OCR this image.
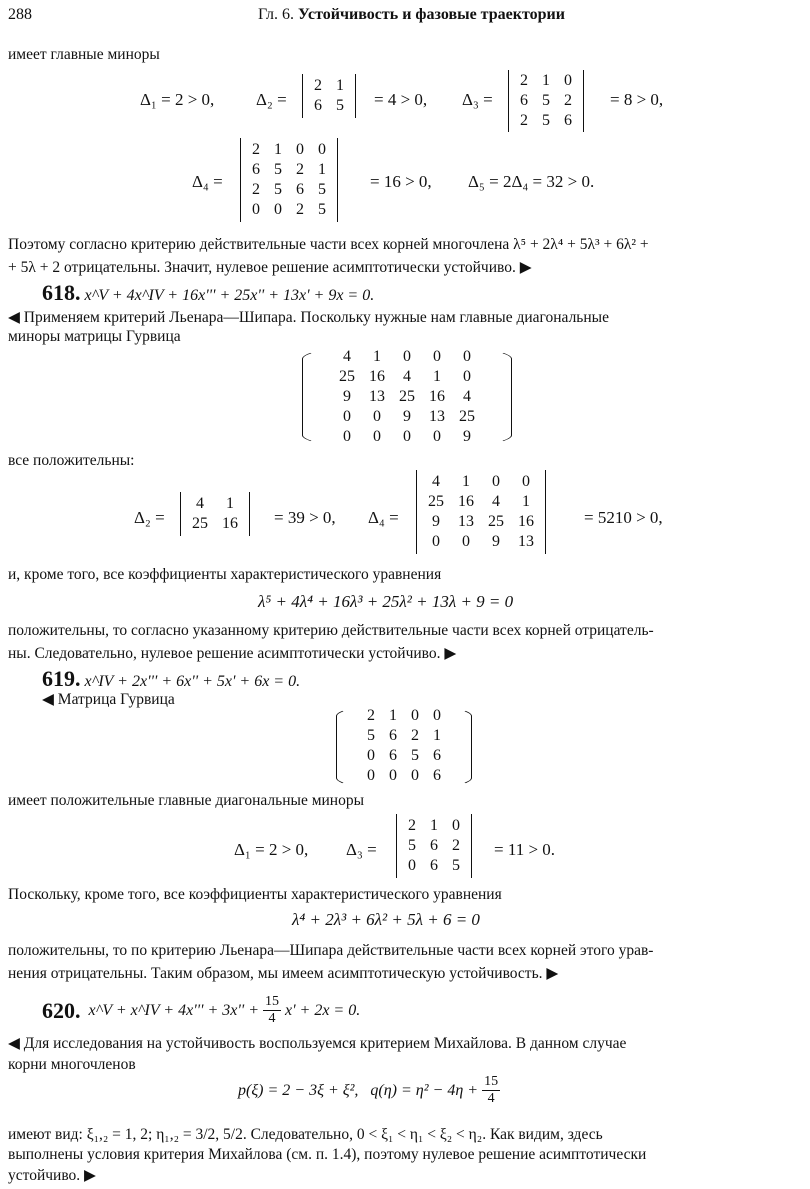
288	Гл. 6. Устойчивость и фазовые траектории
имеет главные миноры
Δ₁ = 2 > 0, Δ₂ =
2	1
6	5 = 4 > 0, Δ₃ =
2	1	0
6	5	2
2	5	6
= 8 > 0,
Δ₄ =
2	1	0	0
6	5	2	1
2	5	6	5
0	0	2	5
= 16 > 0, Δ₅ = 2Δ₄ = 32 > 0.
Поэтому согласно критерию действительные части всех корней многочлена λ⁵ + 2λ⁴ + 5λ³ + 6λ² +
+ 5λ + 2 отрицательны. Значит, нулевое решение асимптотически устойчиво. ▶
618. x^V + 4x^IV + 16x''' + 25x'' + 13x' + 9x = 0.
◀ Применяем критерий Льенара—Шипара. Поскольку нужные нам главные диагональные
миноры матрицы Гурвица
4	1	0	0	0
25	16	4	1	0
9	13	25	16	4
0	0	9	13	25
0	0	0	0	9
все положительны:
Δ₂ =
4	1
25	16 = 39 > 0, Δ₄ =
4	1	0	0
25	16	4	1
9	13	25	16
0	0	9	13
= 5210 > 0,
и, кроме того, все коэффициенты характеристического уравнения
λ⁵ + 4λ⁴ + 16λ³ + 25λ² + 13λ + 9 = 0
положительны, то согласно указанному критерию действительные части всех корней отрицатель-
ны. Следовательно, нулевое решение асимптотически устойчиво. ▶
619. x^IV + 2x''' + 6x'' + 5x' + 6x = 0.
◀ Матрица Гурвица
2	1	0	0
5	6	2	1
0	6	5	6
0	0	0	6
имеет положительные главные диагональные миноры
Δ₁ = 2 > 0, Δ₃ =
2	1	0
5	6	2
0	6	5
= 11 > 0.
Поскольку, кроме того, все коэффициенты характеристического уравнения
λ⁴ + 2λ³ + 6λ² + 5λ + 6 = 0
положительны, то по критерию Льенара—Шипара действительные части всех корней этого урав-
нения отрицательны. Таким образом, мы имеем асимптотическую устойчивость. ▶
620. x^V + x^IV + $4x''' + 3x'' + \frac{15}{4} x' + 2x = 0$.
◀ Для исследования на устойчивость воспользуемся критерием Михайлова. В данном случае
корни многочленов
p(ξ) = 2 − 3ξ + ξ²,   $q(\eta) = \eta^2 - 4\eta + \frac{15}{4}$
имеют вид: ξ₁,₂ = 1, 2; η₁,₂ = 3/2, 5/2. Следовательно, 0 < ξ₁ < η₁ < ξ₂ < η₂. Как видим, здесь
выполнены условия критерия Михайлова (см. п. 1.4), поэтому нулевое решение асимптотически
устойчиво. ▶
